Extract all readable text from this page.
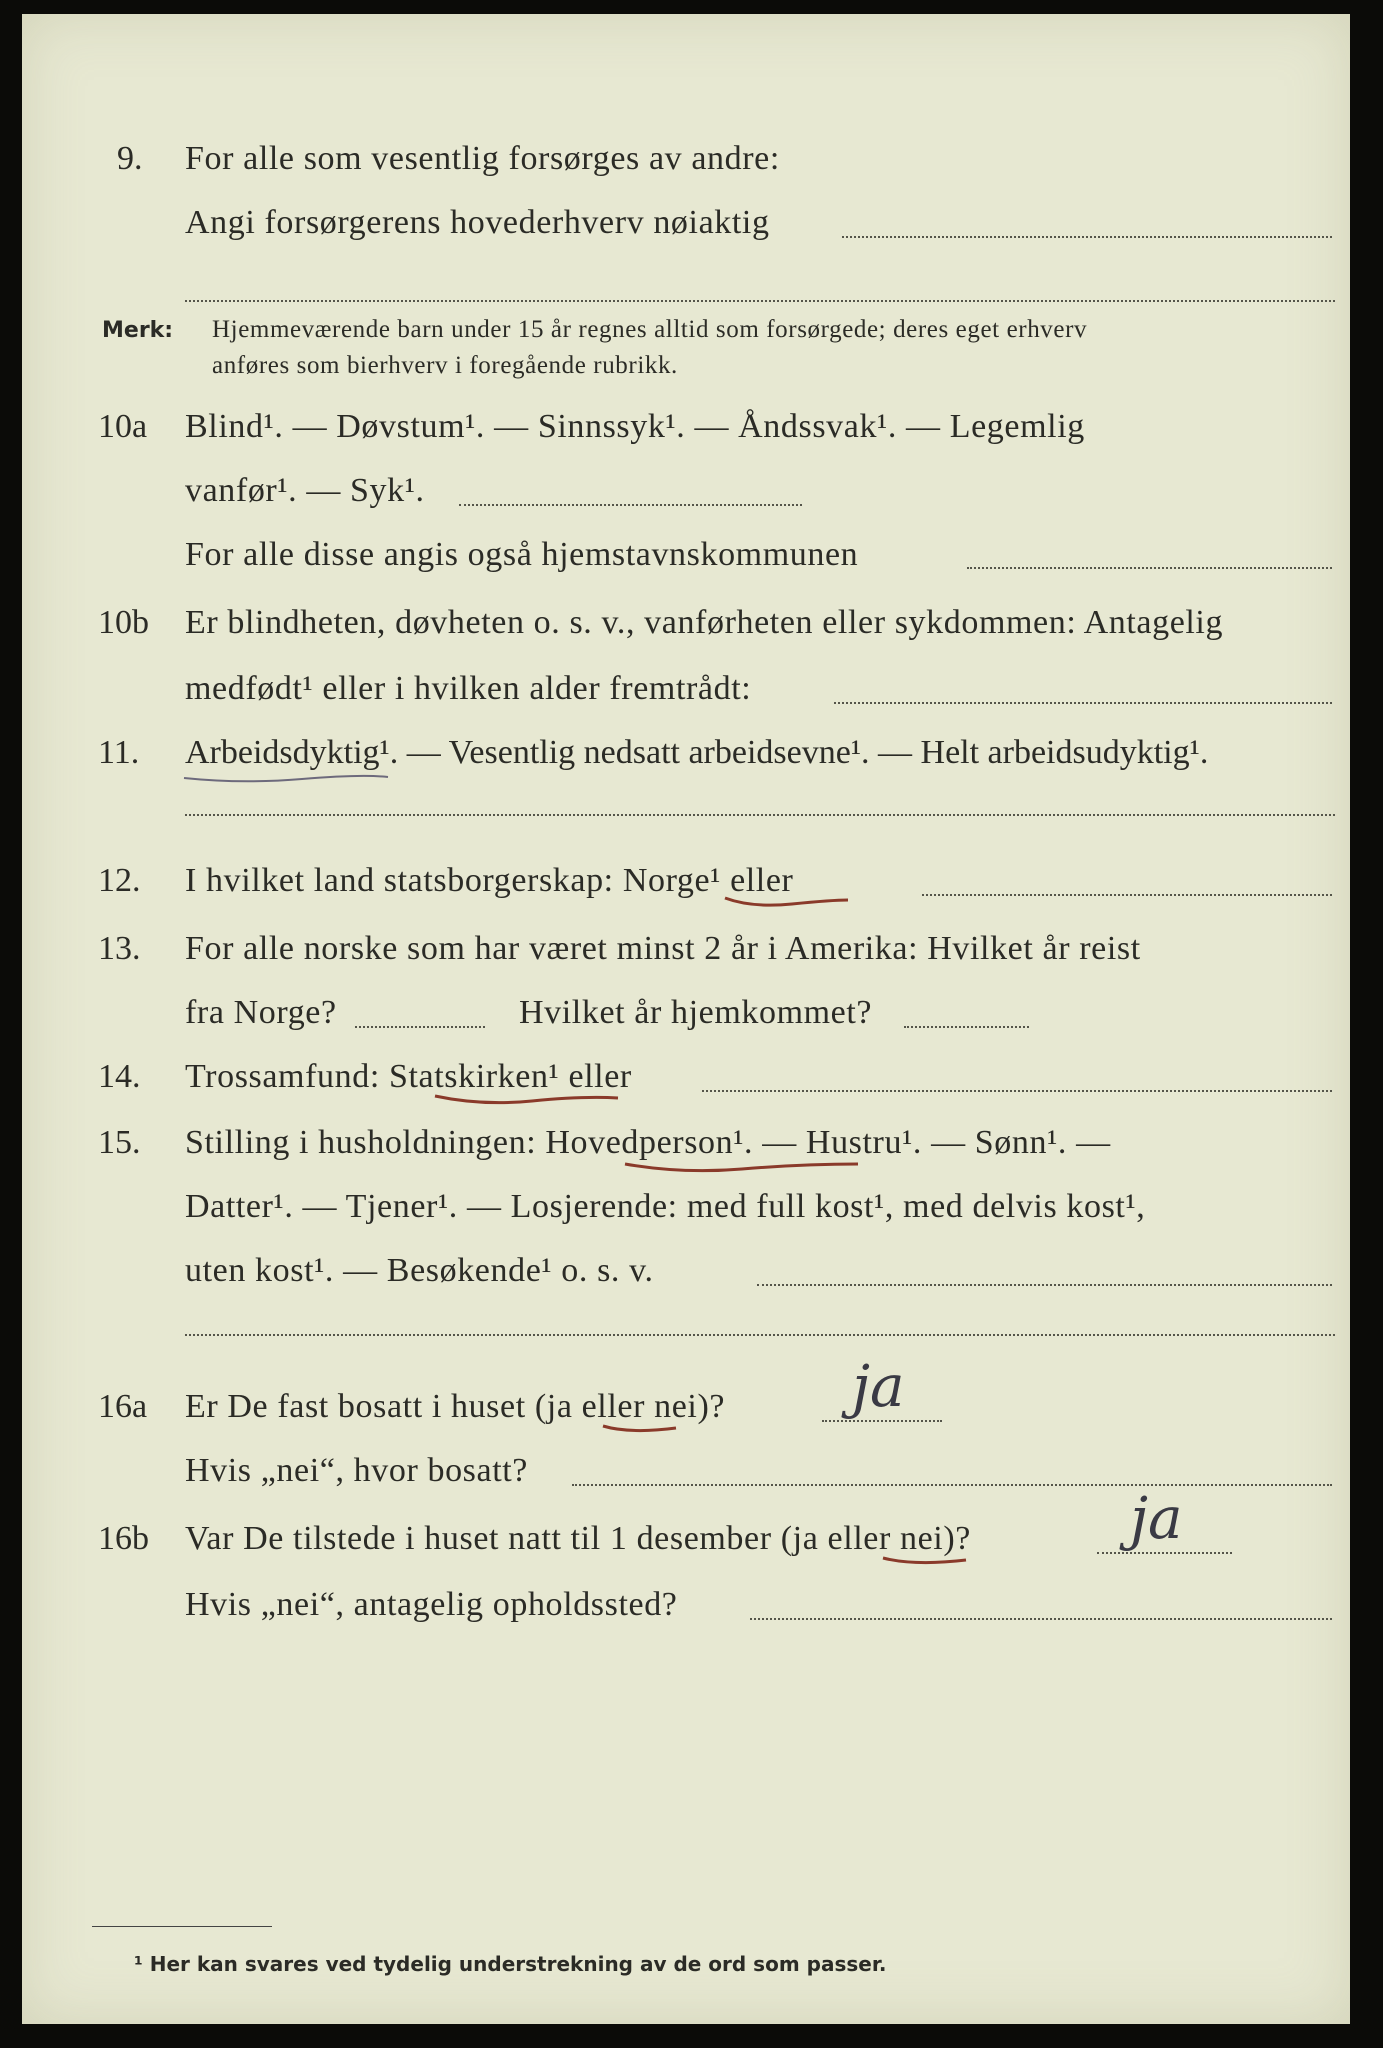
9. For alle som vesentlig forsørges av andre:
Angi forsørgerens hovederhverv nøiaktig
Merk: Hjemmeværende barn under 15 år regnes alltid som forsørgede; deres eget erhverv
anføres som bierhverv i foregående rubrikk.
10a Blind¹. — Døvstum¹. — Sinnssyk¹. — Åndssvak¹. — Legemlig
vanfør¹. — Syk¹.
For alle disse angis også hjemstavnskommunen
10b Er blindheten, døvheten o. s. v., vanførheten eller sykdommen: Antagelig
medfødt¹ eller i hvilken alder fremtrådt:
11. Arbeidsdyktig¹. — Vesentlig nedsatt arbeidsevne¹. — Helt arbeidsudyktig¹.
12. I hvilket land statsborgerskap: Norge¹ eller
13. For alle norske som har været minst 2 år i Amerika: Hvilket år reist
fra Norge?	Hvilket år hjemkommet?
14. Trossamfund: Statskirken¹ eller
15. Stilling i husholdningen: Hovedperson¹. — Hustru¹. — Sønn¹. —
Datter¹. — Tjener¹. — Losjerende: med full kost¹, med delvis kost¹,
uten kost¹. — Besøkende¹ o. s. v.
16a Er De fast bosatt i huset (ja eller nei)? ja
Hvis „nei“, hvor bosatt?
16b Var De tilstede i huset natt til 1 desember (ja eller nei)?	ja
Hvis „nei“, antagelig opholdssted?
¹ Her kan svares ved tydelig understrekning av de ord som passer.
